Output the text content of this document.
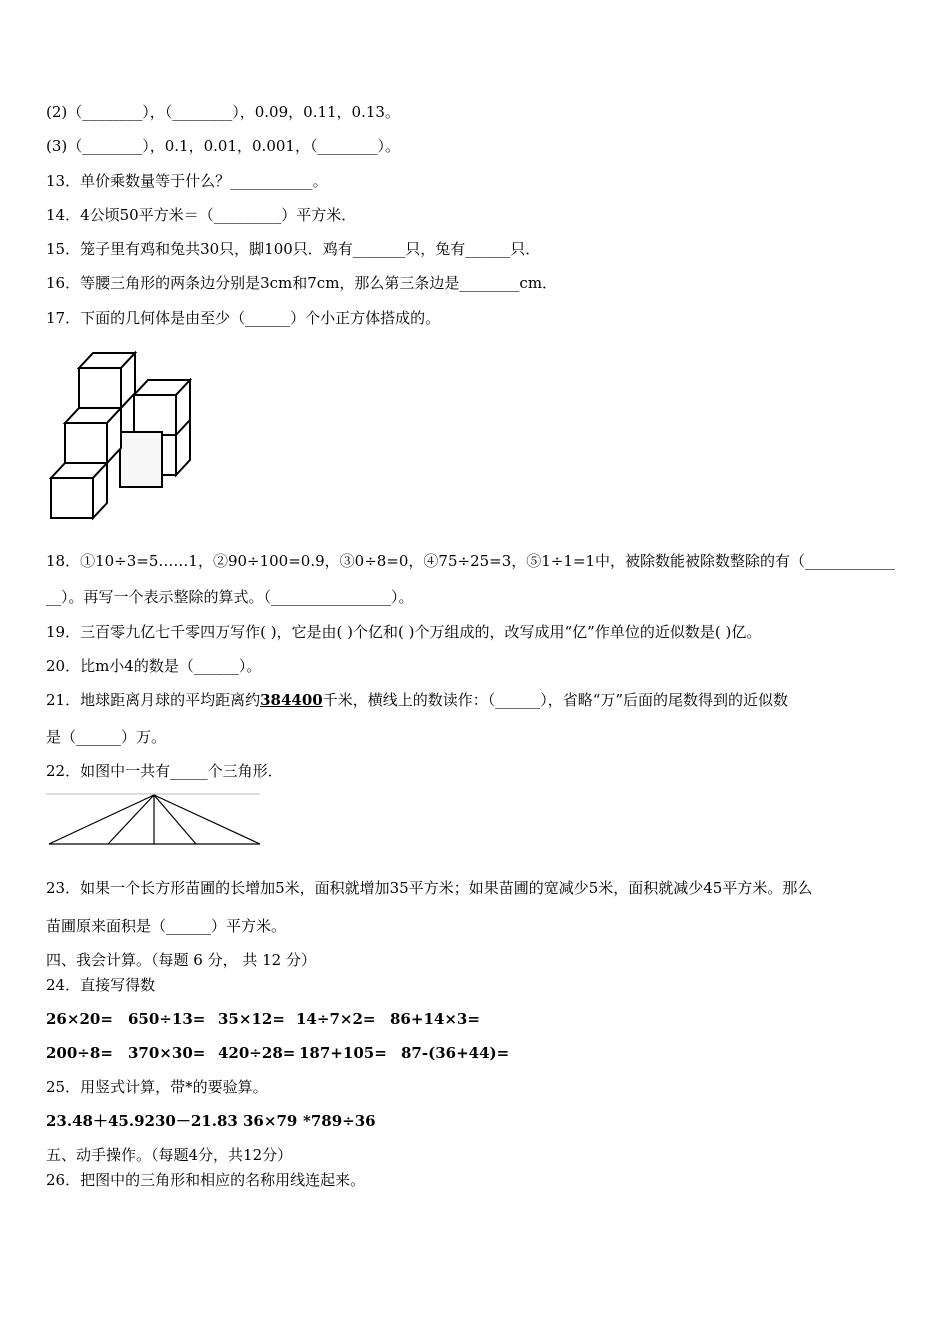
(2)（________），（________），0.09，0.11，0.13。
(3)（________），0.1，0.01，0.001，（________）。
13．单价乘数量等于什么？___________。
14．4公顷50平方米＝（_________）平方米．
15．笼子里有鸡和兔共30只，脚100只．鸡有_______只，兔有______只．
16．等腰三角形的两条边分别是3cm和7cm，那么第三条边是________cm．
17．下面的几何体是由至少（______）个小正方体搭成的。
18．①10÷3=5……1，②90÷100=0.9，③0÷8=0，④75÷25=3，⑤1÷1=1中，被除数能被除数整除的有（____________
__）。再写一个表示整除的算式。（________________）。
19．三百零九亿七千零四万写作( )，它是由( )个亿和( )个万组成的，改写成用“亿”作单位的近似数是( )亿。
20．比m小4的数是（______）。
21．地球距离月球的平均距离约384400千米，横线上的数读作：（______），省略“万”后面的尾数得到的近似数
是（______）万。
22．如图中一共有_____个三角形．
23．如果一个长方形苗圃的长增加5米，面积就增加35平方米；如果苗圃的宽减少5米，面积就减少45平方米。那么
苗圃原来面积是（______）平方米。
四、我会计算。（每题 6 分， 共 12 分）
24．直接写得数
26×20= 650÷13= 35×12= 14÷7×2= 86+14×3=
200÷8= 370×30= 420÷28= 187+105= 87-(36+44)=
25．用竖式计算，带*的要验算。
23.48＋45.92 30－21.83 36×79 *789÷36
五、动手操作。（每题4分，共12分）
26．把图中的三角形和相应的名称用线连起来。
